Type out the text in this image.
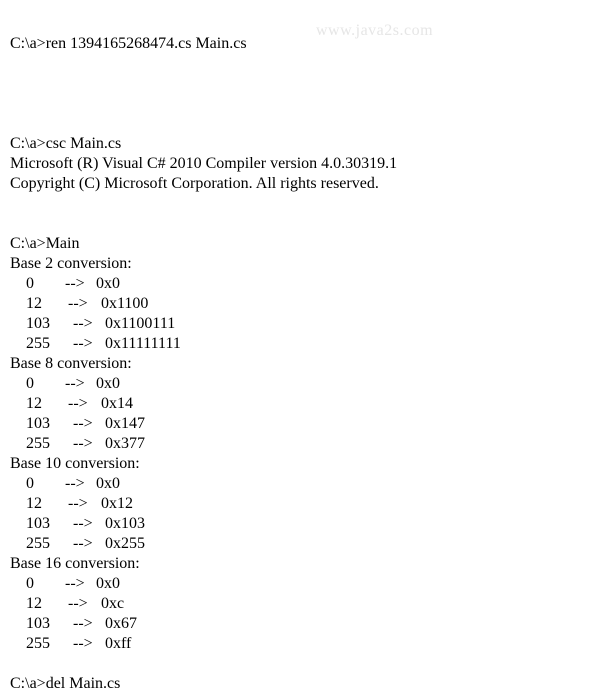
www.java2s.com
C:\a>ren 1394165268474.cs Main.cs
C:\a>csc Main.cs
Microsoft (R) Visual C# 2010 Compiler version 4.0.30319.1
Copyright (C) Microsoft Corporation. All rights reserved.
C:\a>Main
Base 2 conversion:
0 --> 0x0
12 --> 0x1100
103 --> 0x1100111
255 --> 0x11111111
Base 8 conversion:
0 --> 0x0
12 --> 0x14
103 --> 0x147
255 --> 0x377
Base 10 conversion:
0 --> 0x0
12 --> 0x12
103 --> 0x103
255 --> 0x255
Base 16 conversion:
0 --> 0x0
12 --> 0xc
103 --> 0x67
255 --> 0xff
C:\a>del Main.cs
